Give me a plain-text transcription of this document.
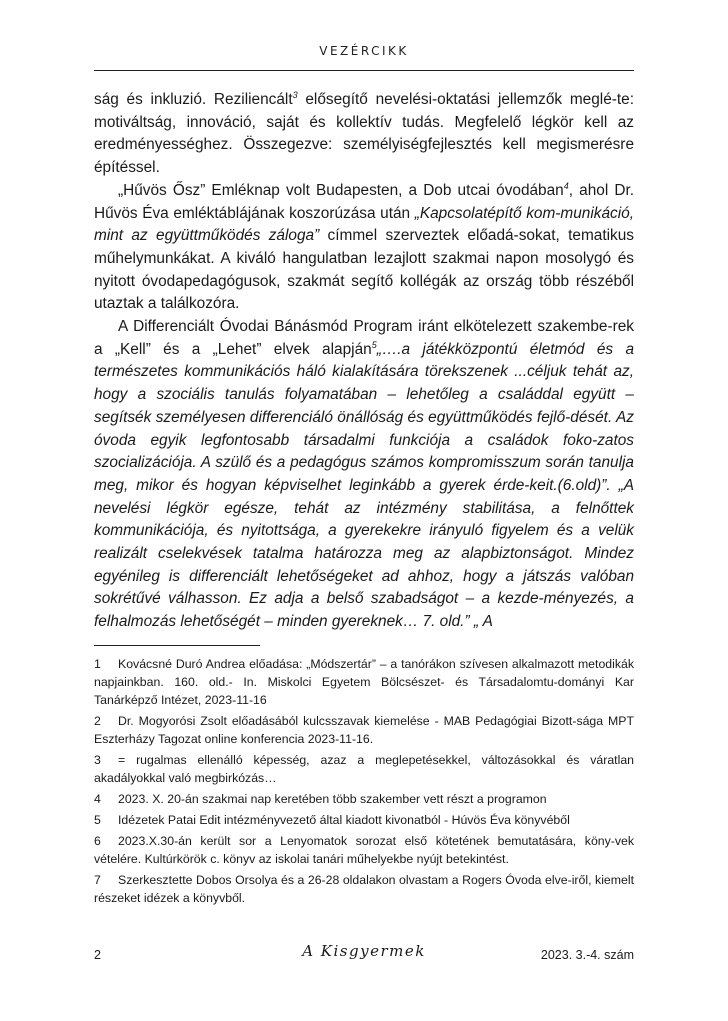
VEZÉRCIKK

ság és inkluzió. Reziliencált$^3$ elősegítő nevelési-oktatási jellemzők meglé-te: motiváltság, innováció, saját és kollektív tudás. Megfelelő légkör kell az eredményességhez. Összegezve: személyiségfejlesztés kell megismerésre építéssel.

„Hűvös Ősz” Emléknap volt Budapesten, a Dob utcai óvodában$^4$, ahol Dr. Hűvös Éva emléktáblájának koszorúzása után „Kapcsolatépítő kom-munikáció, mint az együttműködés záloga” címmel szerveztek előadá-sokat, tematikus műhelymunkákat. A kiváló hangulatban lezajlott szakmai napon mosolygó és nyitott óvodapedagógusok, szakmát segítő kollégák az ország több részéből utaztak a találkozóra.

A Differenciált Óvodai Bánásmód Program iránt elkötelezett szakembe-rek a „Kell” és a „Lehet” elvek alapján$^5$„….a játékközpontú életmód és a természetes kommunikációs háló kialakítására törekszenek ...céljuk tehát az, hogy a szociális tanulás folyamatában – lehetőleg a családdal együtt – segítsék személyesen differenciáló önállóság és együttműködés fejlő-dését. Az óvoda egyik legfontosabb társadalmi funkciója a családok foko-zatos szocializációja. A szülő és a pedagógus számos kompromisszum során tanulja meg, mikor és hogyan képviselhet leginkább a gyerek érde-keit.(6.old)”. „A nevelési légkör egésze, tehát az intézmény stabilitása, a felnőttek kommunikációja, és nyitottsága, a gyerekekre irányuló figyelem és a velük realizált cselekvések tatalma határozza meg az alapbiztonságot. Mindez egyénileg is differenciált lehetőségeket ad ahhoz, hogy a játszás valóban sokrétűvé válhasson. Ez adja a belső szabadságot – a kezde-ményezés, a felhalmozás lehetőségét – minden gyereknek… 7. old.” „ A

1 Kovácsné Duró Andrea előadása: „Módszertár” – a tanórákon szívesen alkalmazott metodikák napjainkban. 160. old.- In. Miskolci Egyetem Bölcsészet- és Társadalomtu-dományi Kar Tanárképző Intézet, 2023-11-16
2 Dr. Mogyorósi Zsolt előadásából kulcsszavak kiemelése - MAB Pedagógiai Bizott-sága MPT Eszterházy Tagozat online konferencia 2023-11-16.
3 = rugalmas ellenálló képesség, azaz a meglepetésekkel, változásokkal és váratlan akadályokkal való megbirkózás…
4 2023. X. 20-án szakmai nap keretében több szakember vett részt a programon
5 Idézetek Patai Edit intézményvezető által kiadott kivonatból - Húvös Éva könyvéből
6 2023.X.30-án került sor a Lenyomatok sorozat első kötetének bemutatására, köny-vek vételére. Kultúrkörök c. könyv az iskolai tanári műhelyekbe nyújt betekintést.
7 Szerkesztette Dobos Orsolya és a 26-28 oldalakon olvastam a Rogers Óvoda elve-iről, kiemelt részeket idézek a könyvből.
2	A Kisgyermek	2023. 3.-4. szám
